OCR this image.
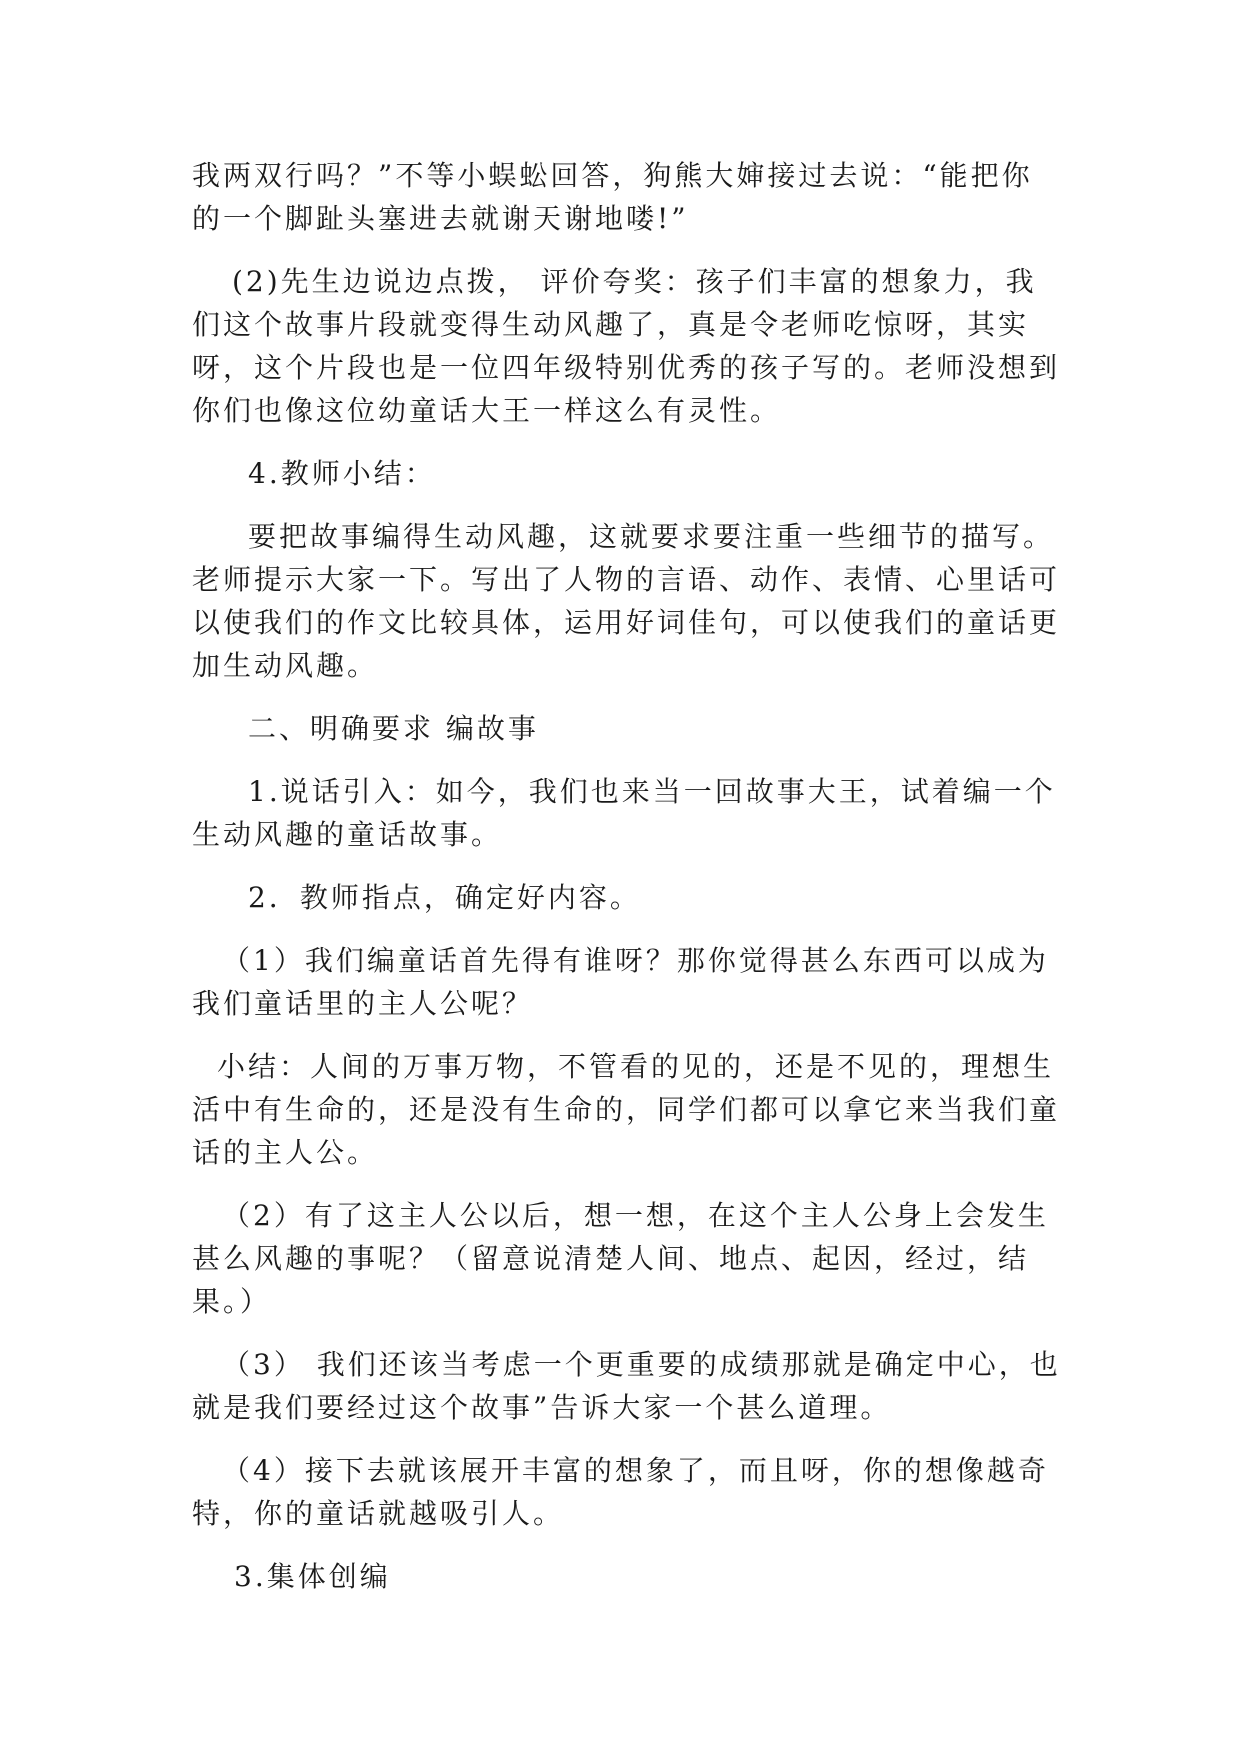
我两双行吗？”不等小蜈蚣回答，狗熊大婶接过去说：“能把你的一个脚趾头塞进去就谢天谢地喽!”

(2)先生边说边点拨， 评价夸奖：孩子们丰富的想象力，我们这个故事片段就变得生动风趣了，真是令老师吃惊呀，其实呀，这个片段也是一位四年级特别优秀的孩子写的。老师没想到你们也像这位幼童话大王一样这么有灵性。

4.教师小结：

要把故事编得生动风趣，这就要求要注重一些细节的描写。老师提示大家一下。写出了人物的言语、动作、表情、心里话可以使我们的作文比较具体，运用好词佳句，可以使我们的童话更加生动风趣。

二、明确要求 编故事

1.说话引入：如今，我们也来当一回故事大王，试着编一个生动风趣的童话故事。

2．教师指点，确定好内容。

（1）我们编童话首先得有谁呀？那你觉得甚么东西可以成为我们童话里的主人公呢？

小结：人间的万事万物，不管看的见的，还是不见的，理想生活中有生命的，还是没有生命的，同学们都可以拿它来当我们童话的主人公。

（2）有了这主人公以后，想一想，在这个主人公身上会发生甚么风趣的事呢？（留意说清楚人间、地点、起因，经过，结果。）

（3） 我们还该当考虑一个更重要的成绩那就是确定中心，也就是我们要经过这个故事”告诉大家一个甚么道理。

（4）接下去就该展开丰富的想象了，而且呀，你的想像越奇特，你的童话就越吸引人。

3.集体创编
